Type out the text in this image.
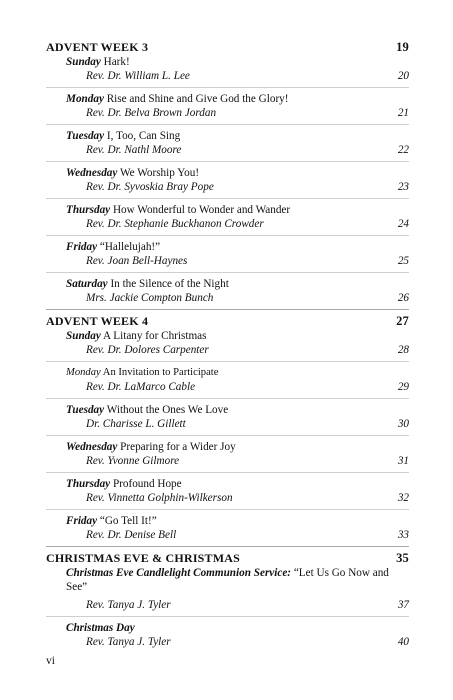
ADVENT WEEK 3	19
Sunday Hark!
Rev. Dr. William L. Lee	20
Monday Rise and Shine and Give God the Glory!
Rev. Dr. Belva Brown Jordan	21
Tuesday I, Too, Can Sing
Rev. Dr. Nathl Moore	22
Wednesday We Worship You!
Rev. Dr. Syvoskia Bray Pope	23
Thursday How Wonderful to Wonder and Wander
Rev. Dr. Stephanie Buckhanon Crowder	24
Friday “Hallelujah!”
Rev. Joan Bell-Haynes	25
Saturday In the Silence of the Night
Mrs. Jackie Compton Bunch	26
ADVENT WEEK 4	27
Sunday A Litany for Christmas
Rev. Dr. Dolores Carpenter	28
Monday An Invitation to Participate
Rev. Dr. LaMarco Cable	29
Tuesday Without the Ones We Love
Dr. Charisse L. Gillett	30
Wednesday Preparing for a Wider Joy
Rev. Yvonne Gilmore	31
Thursday Profound Hope
Rev. Vinnetta Golphin-Wilkerson	32
Friday “Go Tell It!”
Rev. Dr. Denise Bell	33
CHRISTMAS EVE & CHRISTMAS	35
Christmas Eve Candlelight Communion Service: “Let Us Go Now and See”
Rev. Tanya J. Tyler	37
Christmas Day
Rev. Tanya J. Tyler	40
vi
